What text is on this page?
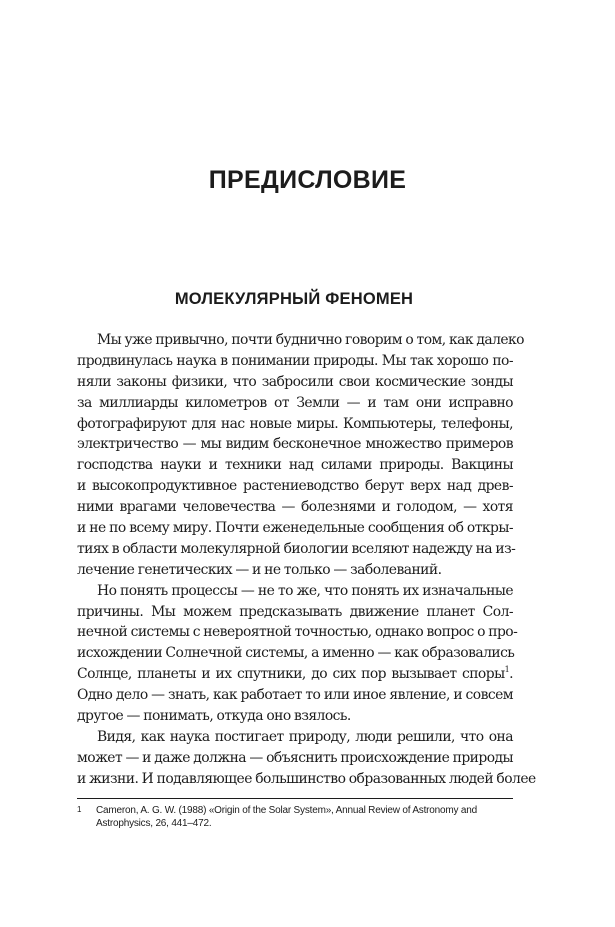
ПРЕДИСЛОВИЕ
МОЛЕКУЛЯРНЫЙ ФЕНОМЕН
Мы уже привычно, почти буднично говорим о том, как далеко
продвинулась наука в понимании природы. Мы так хорошо по-
няли законы физики, что забросили свои космические зонды
за миллиарды километров от Земли — и там они исправно
фотографируют для нас новые миры. Компьютеры, телефоны,
электричество — мы видим бесконечное множество примеров
господства науки и техники над силами природы. Вакцины
и высокопродуктивное растениеводство берут верх над древ-
ними врагами человечества — болезнями и голодом, — хотя
и не по всему миру. Почти еженедельные сообщения об откры-
тиях в области молекулярной биологии вселяют надежду на из-
лечение генетических — и не только — заболеваний.
Но понять процессы — не то же, что понять их изначальные
причины. Мы можем предсказывать движение планет Сол-
нечной системы с невероятной точностью, однако вопрос о про-
исхождении Солнечной системы, а именно — как образовались
Солнце, планеты и их спутники, до сих пор вызывает споры$^1$.
Одно дело — знать, как работает то или иное явление, и совсем
другое — понимать, откуда оно взялось.
Видя, как наука постигает природу, люди решили, что она
может — и даже должна — объяснить происхождение природы
и жизни. И подавляющее большинство образованных людей более
1 Cameron, A. G. W. (1988) «Origin of the Solar System», Annual Review of Astronomy and
Astrophysics, 26, 441–472.
